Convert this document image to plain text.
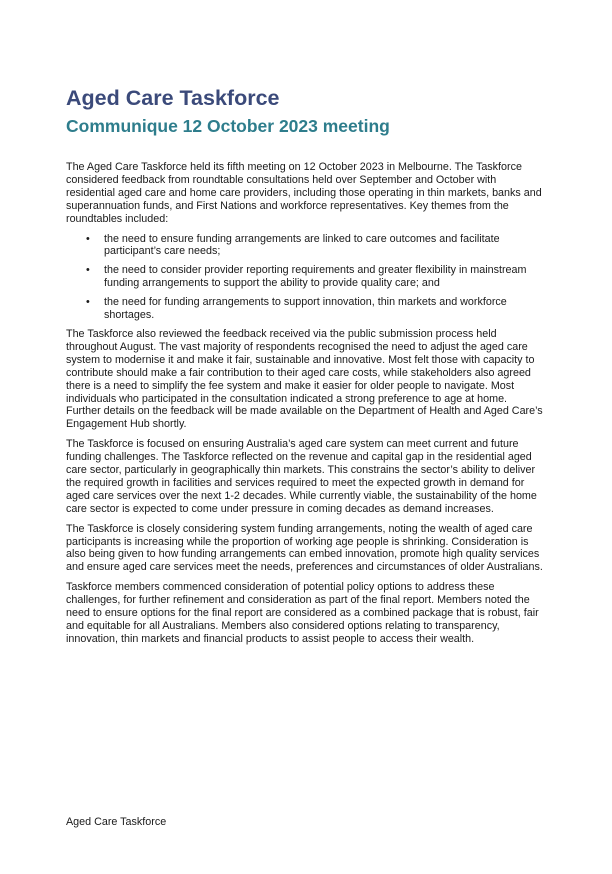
Aged Care Taskforce
Communique 12 October 2023 meeting

The Aged Care Taskforce held its fifth meeting on 12 October 2023 in Melbourne. The Taskforce considered feedback from roundtable consultations held over September and October with residential aged care and home care providers, including those operating in thin markets, banks and superannuation funds, and First Nations and workforce representatives. Key themes from the roundtables included:

• the need to ensure funding arrangements are linked to care outcomes and facilitate participant’s care needs;
• the need to consider provider reporting requirements and greater flexibility in mainstream funding arrangements to support the ability to provide quality care; and
• the need for funding arrangements to support innovation, thin markets and workforce shortages.

The Taskforce also reviewed the feedback received via the public submission process held throughout August. The vast majority of respondents recognised the need to adjust the aged care system to modernise it and make it fair, sustainable and innovative. Most felt those with capacity to contribute should make a fair contribution to their aged care costs, while stakeholders also agreed there is a need to simplify the fee system and make it easier for older people to navigate. Most individuals who participated in the consultation indicated a strong preference to age at home. Further details on the feedback will be made available on the Department of Health and Aged Care’s Engagement Hub shortly.

The Taskforce is focused on ensuring Australia’s aged care system can meet current and future funding challenges. The Taskforce reflected on the revenue and capital gap in the residential aged care sector, particularly in geographically thin markets. This constrains the sector’s ability to deliver the required growth in facilities and services required to meet the expected growth in demand for aged care services over the next 1-2 decades. While currently viable, the sustainability of the home care sector is expected to come under pressure in coming decades as demand increases.

The Taskforce is closely considering system funding arrangements, noting the wealth of aged care participants is increasing while the proportion of working age people is shrinking. Consideration is also being given to how funding arrangements can embed innovation, promote high quality services and ensure aged care services meet the needs, preferences and circumstances of older Australians.

Taskforce members commenced consideration of potential policy options to address these challenges, for further refinement and consideration as part of the final report. Members noted the need to ensure options for the final report are considered as a combined package that is robust, fair and equitable for all Australians. Members also considered options relating to transparency, innovation, thin markets and financial products to assist people to access their wealth.

Aged Care Taskforce
